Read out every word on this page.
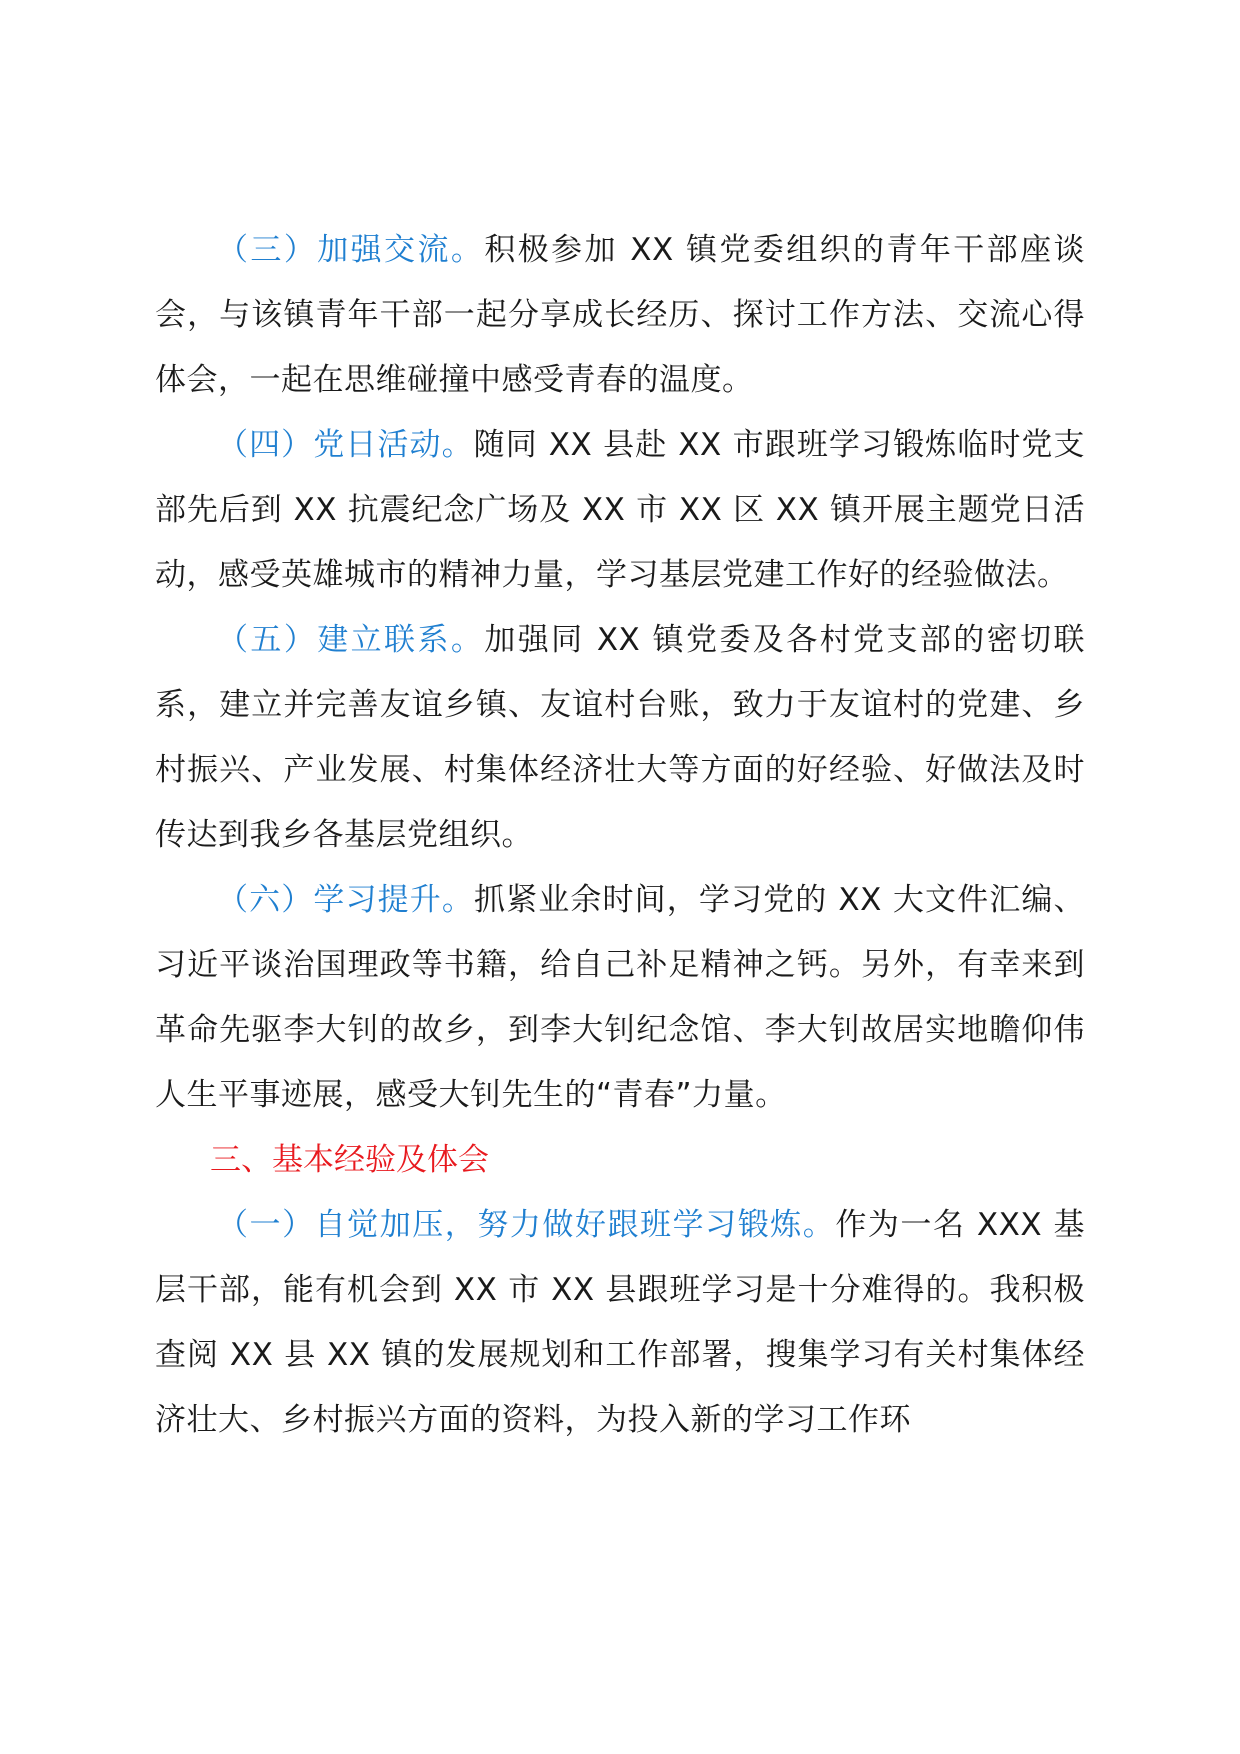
（三）加强交流。积极参加 XX 镇党委组织的青年干部座谈会，与该镇青年干部一起分享成长经历、探讨工作方法、交流心得体会，一起在思维碰撞中感受青春的温度。

（四）党日活动。随同 XX 县赴 XX 市跟班学习锻炼临时党支部先后到 XX 抗震纪念广场及 XX 市 XX 区 XX 镇开展主题党日活动，感受英雄城市的精神力量，学习基层党建工作好的经验做法。

（五）建立联系。加强同 XX 镇党委及各村党支部的密切联系，建立并完善友谊乡镇、友谊村台账，致力于友谊村的党建、乡村振兴、产业发展、村集体经济壮大等方面的好经验、好做法及时传达到我乡各基层党组织。

（六）学习提升。抓紧业余时间，学习党的 XX 大文件汇编、习近平谈治国理政等书籍，给自己补足精神之钙。另外，有幸来到革命先驱李大钊的故乡，到李大钊纪念馆、李大钊故居实地瞻仰伟人生平事迹展，感受大钊先生的“青春”力量。

三、基本经验及体会

（一）自觉加压，努力做好跟班学习锻炼。作为一名 XXX 基层干部，能有机会到 XX 市 XX 县跟班学习是十分难得的。我积极查阅 XX 县 XX 镇的发展规划和工作部署，搜集学习有关村集体经济壮大、乡村振兴方面的资料，为投入新的学习工作环
